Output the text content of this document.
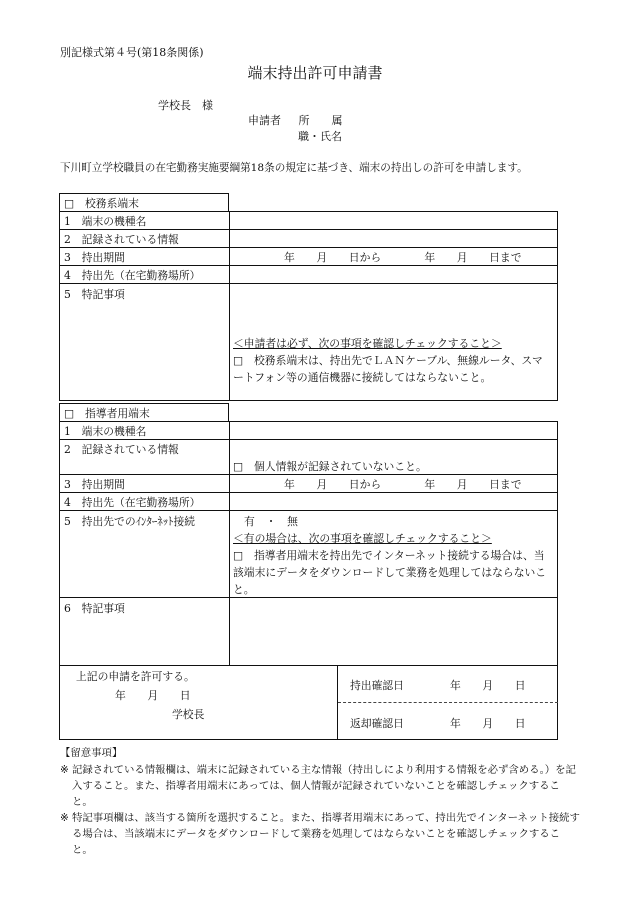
別記様式第４号(第18条関係)
端末持出許可申請書
学校長　様
申請者 所　　属
職・氏名
下川町立学校職員の在宅勤務実施要綱第18条の規定に基づき、端末の持出しの許可を申請します。
□　校務系端末
1　端末の機種名
2　記録されている情報
3　持出期間	年　　月　　日から　　　　年　　月　　日まで
4　持出先（在宅勤務場所）
5　特記事項
＜申請者は必ず、次の事項を確認しチェックすること＞
□　校務系端末は、持出先でＬＡＮケーブル、無線ルータ、スマートフォン等の通信機器に接続してはならないこと。
□　指導者用端末
1　端末の機種名
2　記録されている情報
□　個人情報が記録されていないこと。
3　持出期間	年　　月　　日から　　　　年　　月　　日まで
4　持出先（在宅勤務場所）
5　持出先でのｲﾝﾀｰﾈｯﾄ接続	有　・　無
＜有の場合は、次の事項を確認しチェックすること＞
□　指導者用端末を持出先でインターネット接続する場合は、当該端末にデータをダウンロードして業務を処理してはならないこと。
6　特記事項
上記の申請を許可する。
年　　月　　日
学校長
持出確認日	年　　月　　日
返却確認日	年　　月　　日
【留意事項】
※ 記録されている情報欄は、端末に記録されている主な情報（持出しにより利用する情報を必ず含める。）を記入すること。また、指導者用端末にあっては、個人情報が記録されていないことを確認しチェックすること。
※ 特記事項欄は、該当する箇所を選択すること。また、指導者用端末にあって、持出先でインターネット接続する場合は、当該端末にデータをダウンロードして業務を処理してはならないことを確認しチェックすること。
